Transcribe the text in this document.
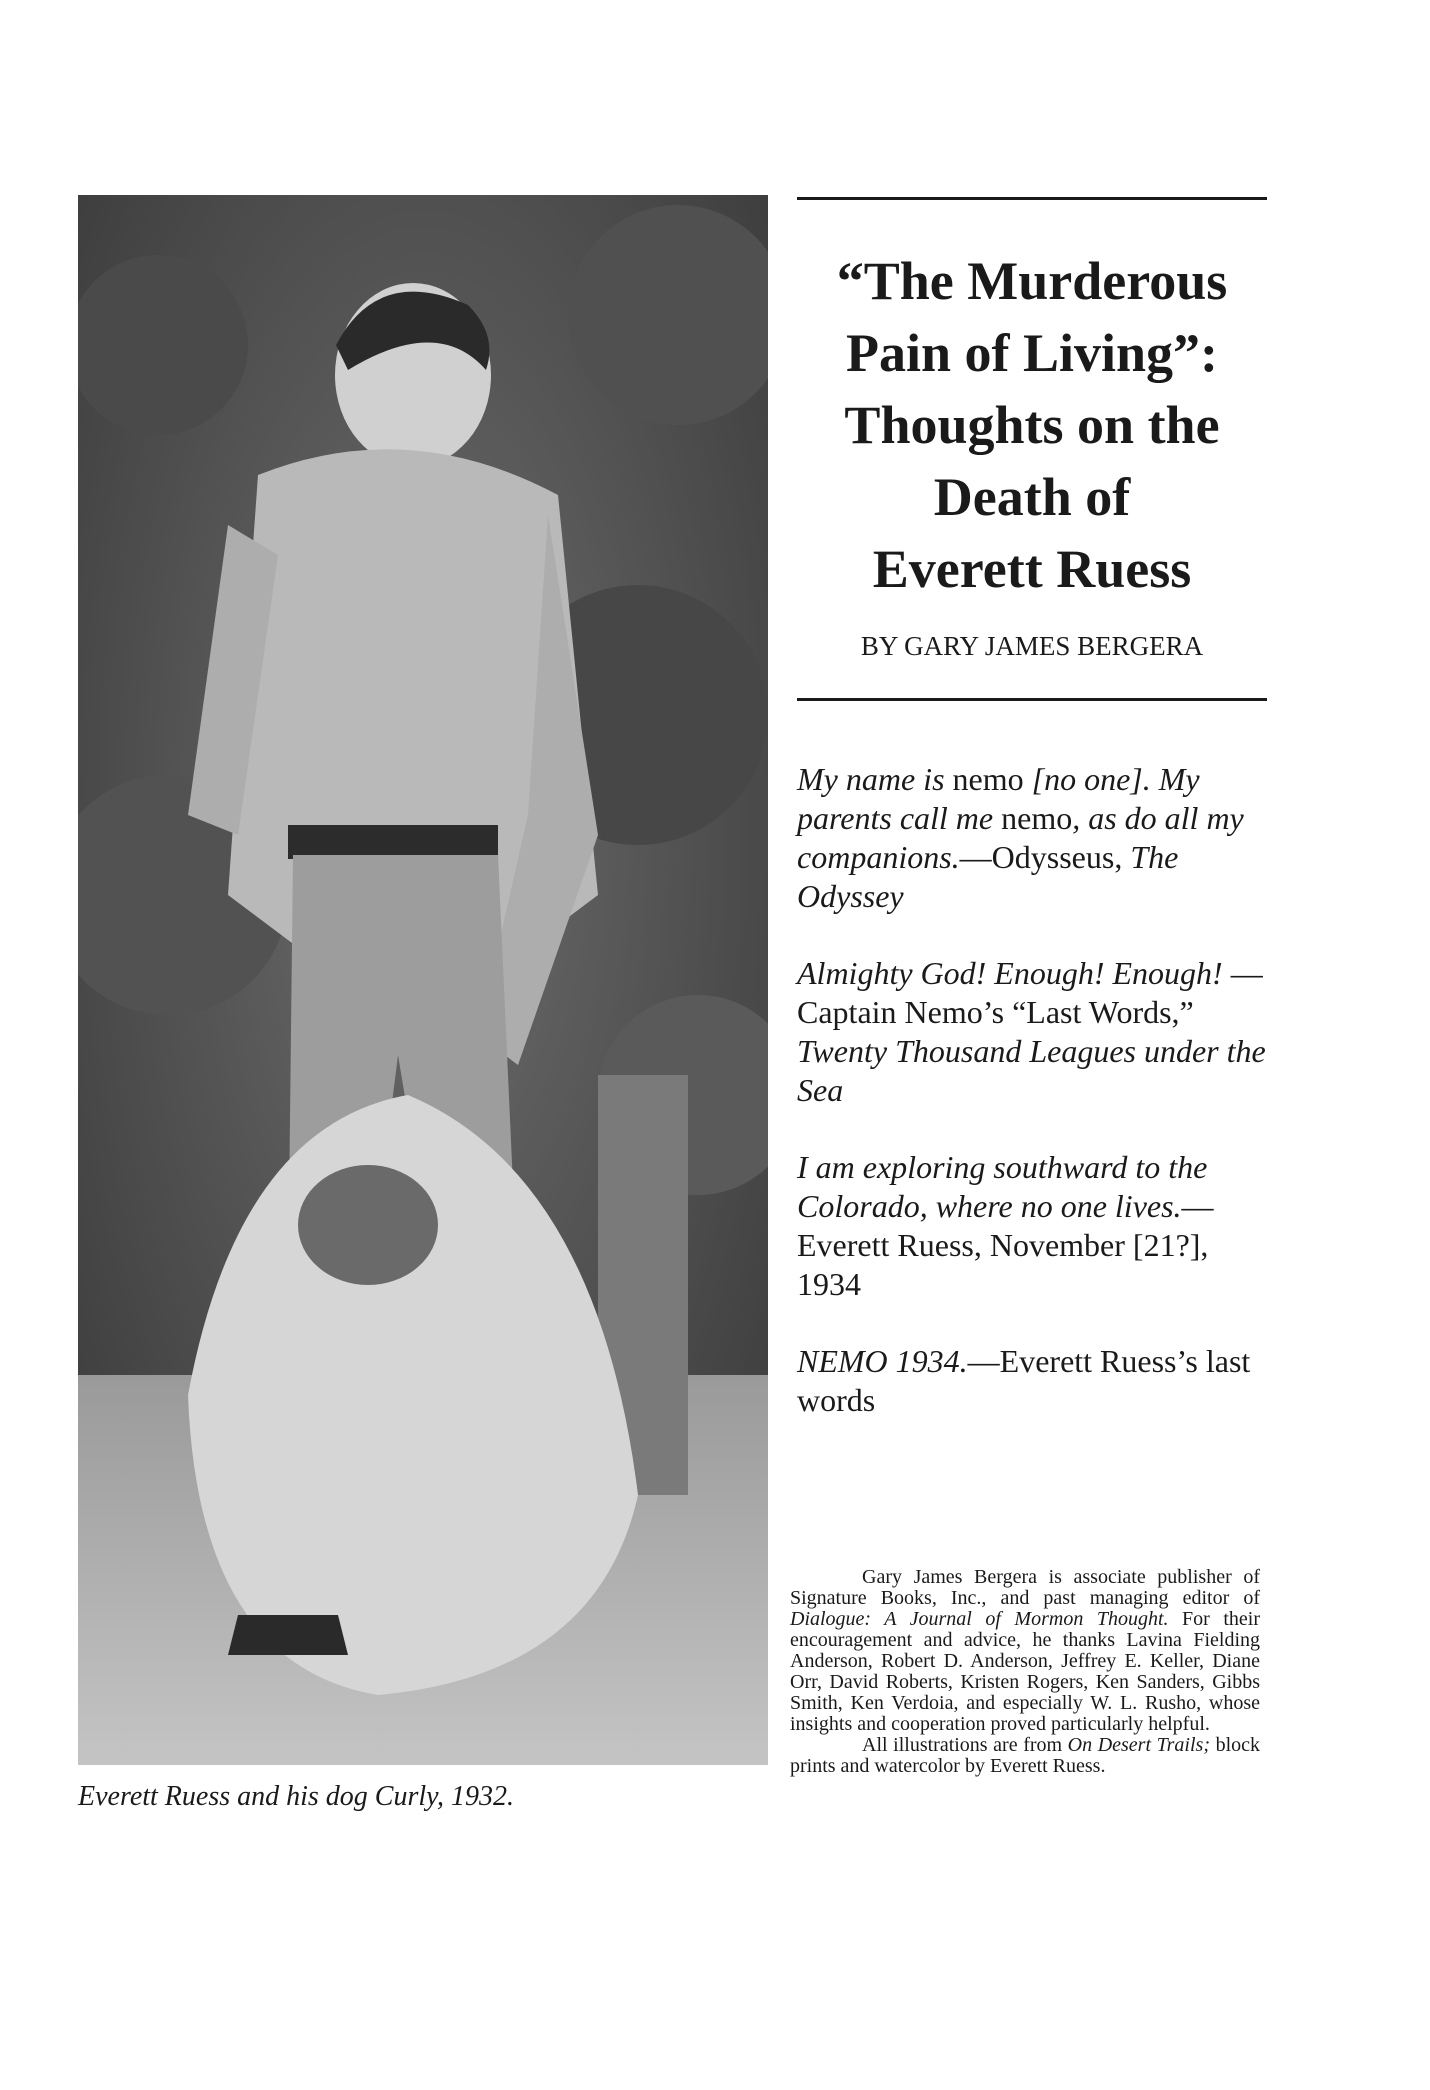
Everett Ruess and his dog Curly, 1932.
“The Murderous
Pain of Living”:
Thoughts on the
Death of
Everett Ruess
BY GARY JAMES BERGERA

My name is nemo [no one]. My parents call me nemo, as do all my companions.—Odysseus, The Odyssey

Almighty God! Enough! Enough! —Captain Nemo’s “Last Words,” Twenty Thousand Leagues under the Sea

I am exploring southward to the Colorado, where no one lives.—Everett Ruess, November [21?], 1934

NEMO 1934.—Everett Ruess’s last words

Gary James Bergera is associate publisher of Signature Books, Inc., and past managing editor of Dialogue: A Journal of Mormon Thought. For their encouragement and advice, he thanks Lavina Fielding Anderson, Robert D. Anderson, Jeffrey E. Keller, Diane Orr, David Roberts, Kristen Rogers, Ken Sanders, Gibbs Smith, Ken Verdoia, and especially W. L. Rusho, whose insights and cooperation proved particularly helpful.

All illustrations are from On Desert Trails; block prints and watercolor by Everett Ruess.
